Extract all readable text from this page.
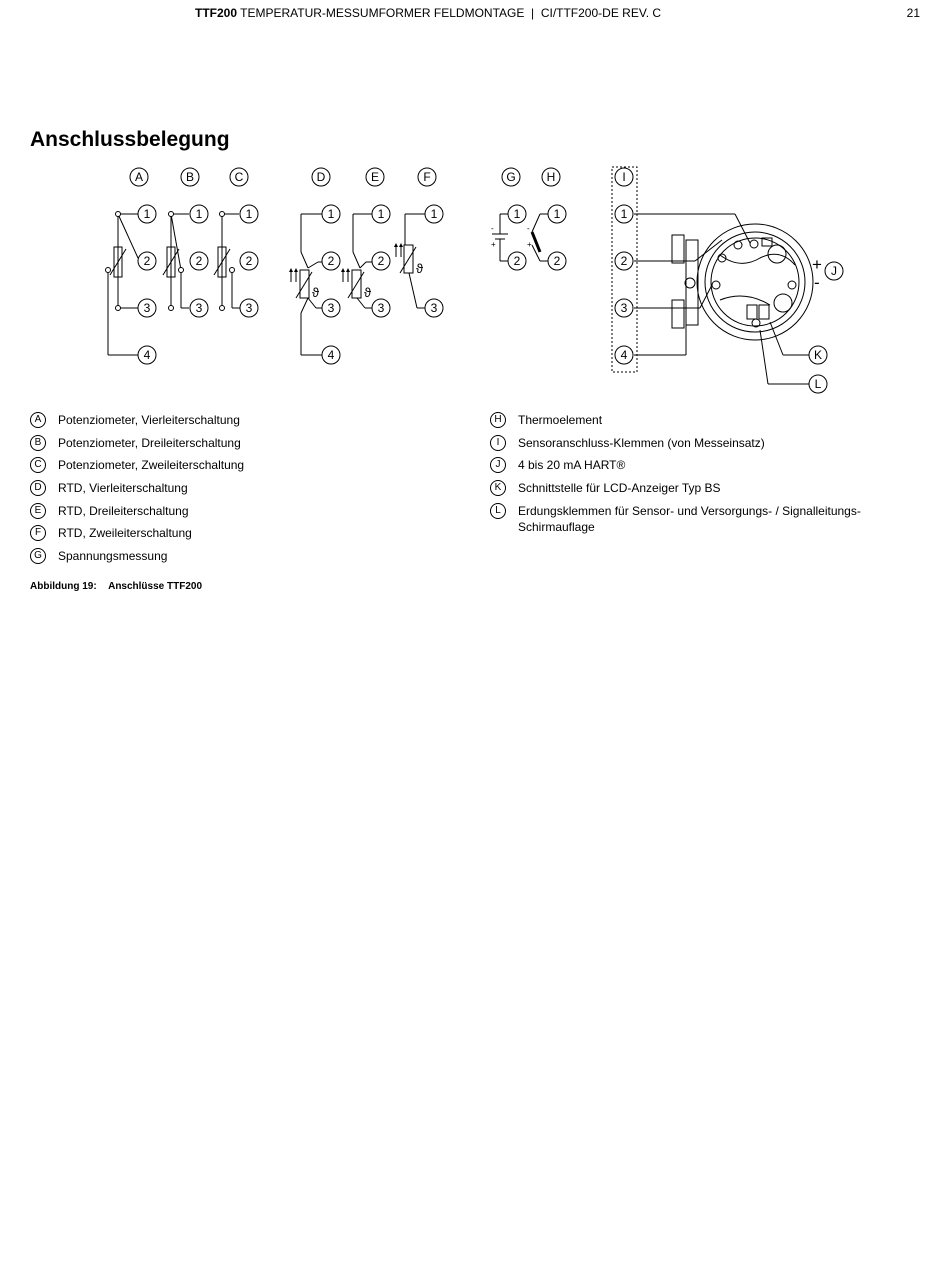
TTF200 TEMPERATUR-MESSUMFORMER FELDMONTAGE  |  CI/TTF200-DE REV. C	21
Anschlussbelegung
A	B	C	D	E	F	G	H	I
J
K
L
1
2
3
4
1
2
3
1
2
3
1
2
3
4
1
2
3
1
3
1
2
1
2
1
2
3
4
ϑ	ϑ
ϑ
-
+
-
+
+
-
A	Potenziometer, Vierleiterschaltung
B	Potenziometer, Dreileiterschaltung
C	Potenziometer, Zweileiterschaltung
D	RTD, Vierleiterschaltung
E	RTD, Dreileiterschaltung
F	RTD, Zweileiterschaltung
G	Spannungsmessung
H	Thermoelement
I	Sensoranschluss-Klemmen (von Messeinsatz)
J	4 bis 20 mA HART®
K	Schnittstelle für LCD-Anzeiger Typ BS
L	Erdungsklemmen für Sensor- und Versorgungs- / Signalleitungs-Schirmauflage
Abbildung 19: Anschlüsse TTF200
